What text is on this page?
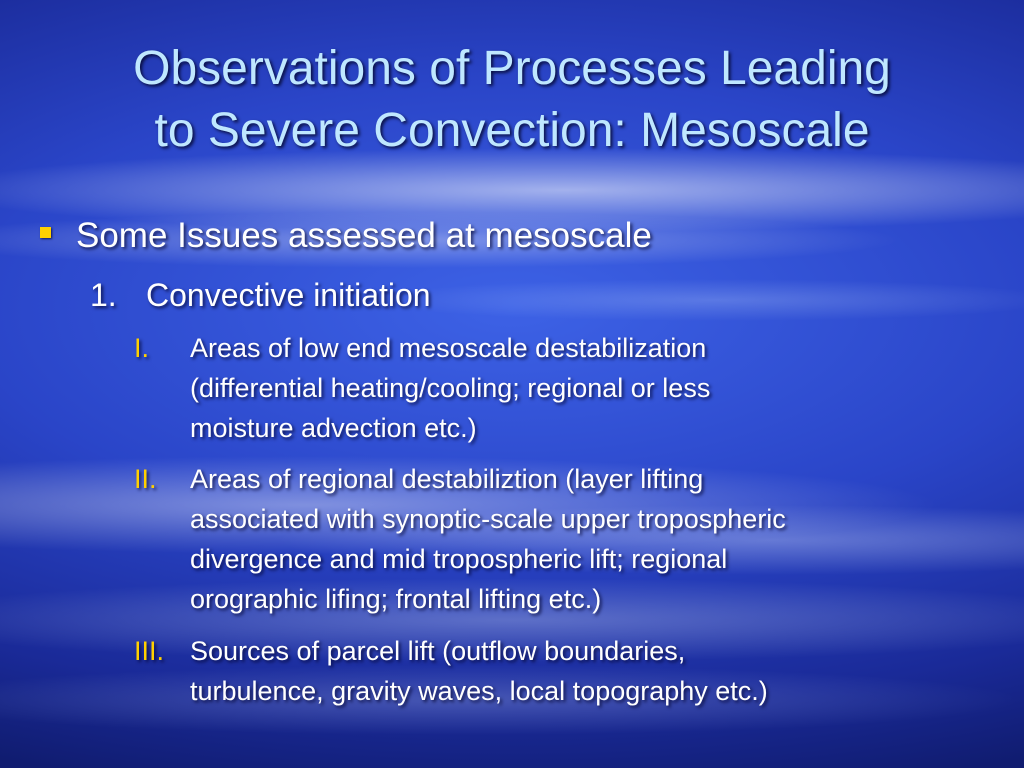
Observations of Processes Leading
to Severe Convection: Mesoscale
Some Issues assessed at mesoscale
1. Convective initiation
I. Areas of low end mesoscale destabilization
(differential heating/cooling; regional or less
moisture advection etc.)
II. Areas of regional destabiliztion (layer lifting
associated with synoptic-scale upper tropospheric
divergence and mid tropospheric lift; regional
orographic lifing; frontal lifting etc.)
III. Sources of parcel lift (outflow boundaries,
turbulence, gravity waves, local topography etc.)
